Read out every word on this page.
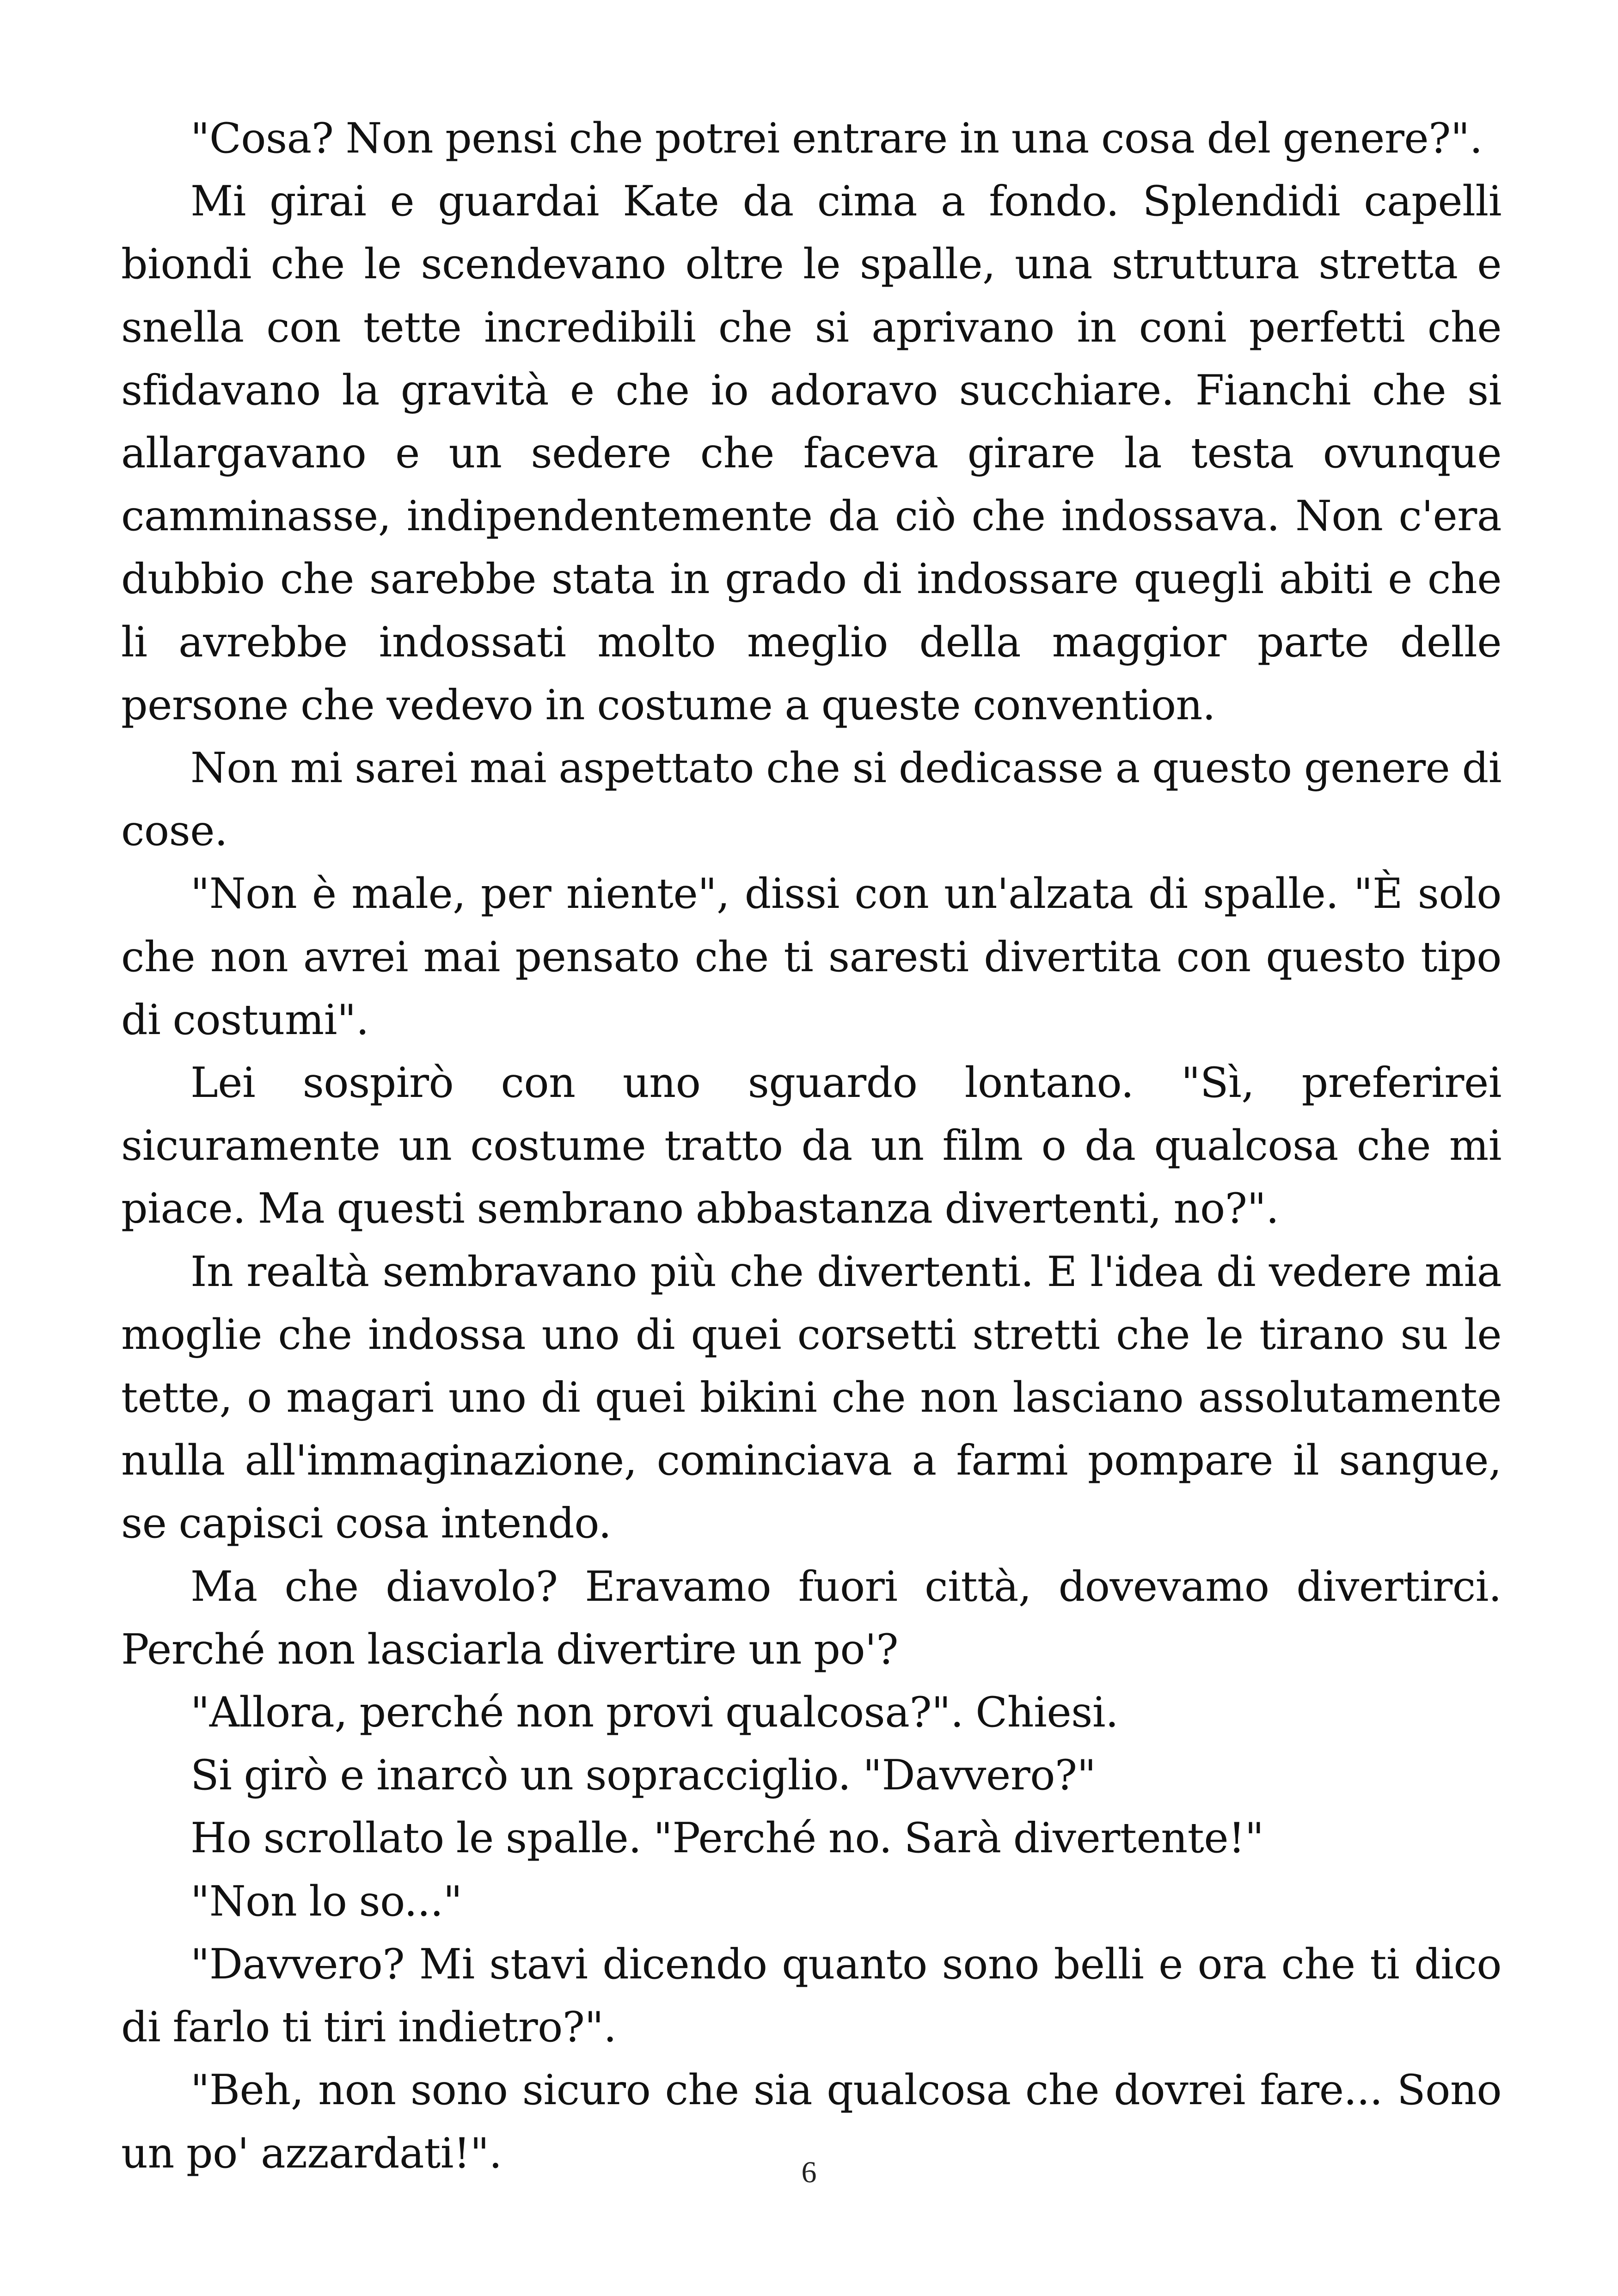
"Cosa? Non pensi che potrei entrare in una cosa del genere?".

Mi girai e guardai Kate da cima a fondo. Splendidi capelli biondi che le scendevano oltre le spalle, una struttura stretta e snella con tette incredibili che si aprivano in coni perfetti che sfidavano la gravità e che io adoravo succhiare. Fianchi che si allargavano e un sedere che faceva girare la testa ovunque camminasse, indipendentemente da ciò che indossava. Non c'era dubbio che sarebbe stata in grado di indossare quegli abiti e che li avrebbe indossati molto meglio della maggior parte delle persone che vedevo in costume a queste convention.

Non mi sarei mai aspettato che si dedicasse a questo genere di cose.

"Non è male, per niente", dissi con un'alzata di spalle. "È solo che non avrei mai pensato che ti saresti divertita con questo tipo di costumi".

Lei sospirò con uno sguardo lontano. "Sì, preferirei sicuramente un costume tratto da un film o da qualcosa che mi piace. Ma questi sembrano abbastanza divertenti, no?".

In realtà sembravano più che divertenti. E l'idea di vedere mia moglie che indossa uno di quei corsetti stretti che le tirano su le tette, o magari uno di quei bikini che non lasciano assolutamente nulla all'immaginazione, cominciava a farmi pompare il sangue, se capisci cosa intendo.

Ma che diavolo? Eravamo fuori città, dovevamo divertirci. Perché non lasciarla divertire un po'?

"Allora, perché non provi qualcosa?". Chiesi.

Si girò e inarcò un sopracciglio. "Davvero?"

Ho scrollato le spalle. "Perché no. Sarà divertente!"

"Non lo so..."

"Davvero? Mi stavi dicendo quanto sono belli e ora che ti dico di farlo ti tiri indietro?".

"Beh, non sono sicuro che sia qualcosa che dovrei fare... Sono un po' azzardati!".	6
